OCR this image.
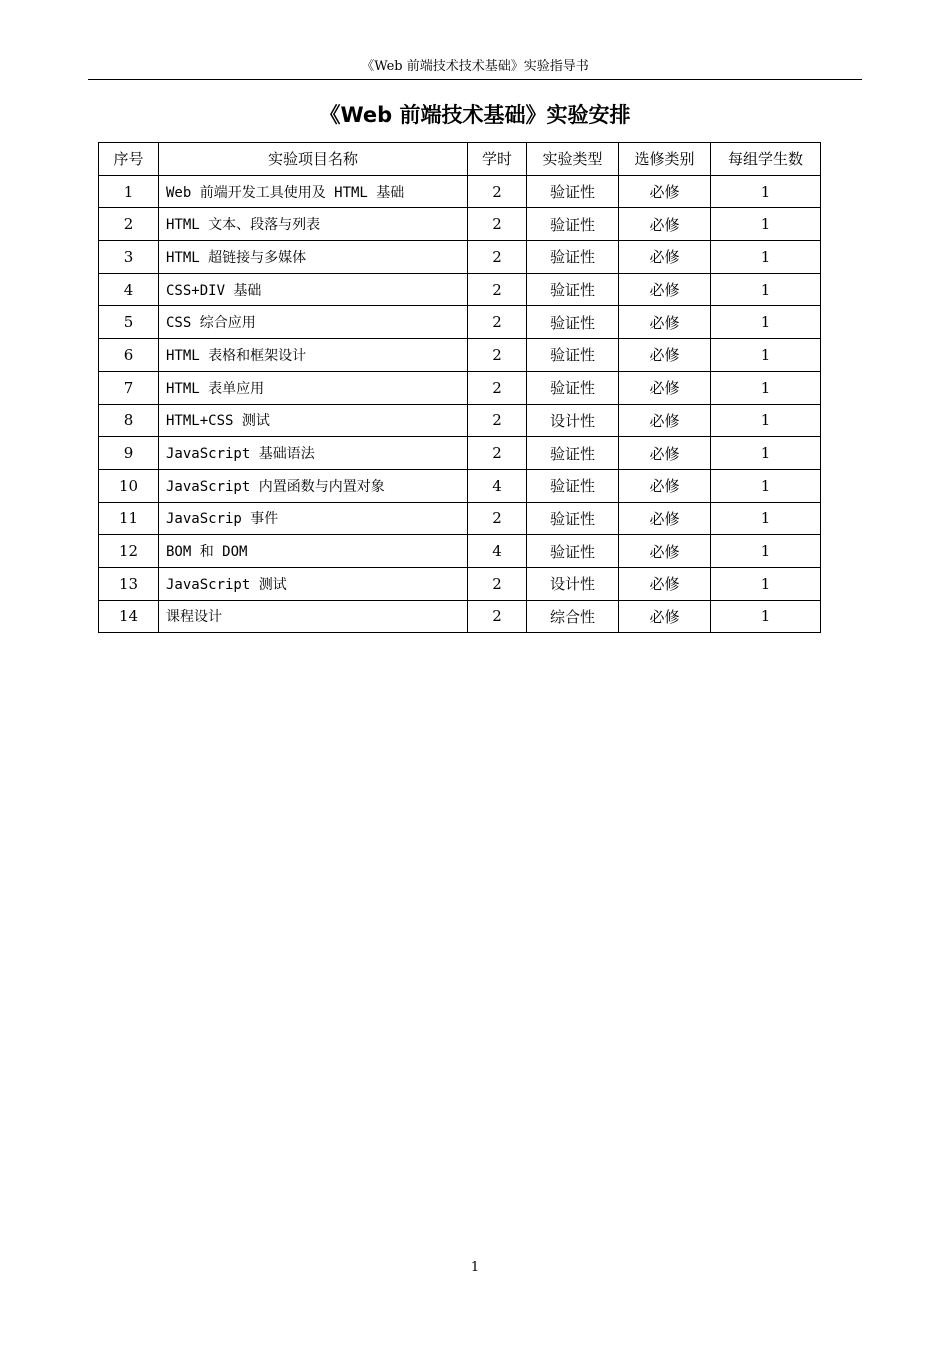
《Web 前端技术技术基础》实验指导书
《Web 前端技术基础》实验安排
序号	实验项目名称	学时	实验类型	选修类别	每组学生数
1	Web 前端开发工具使用及 HTML 基础	2	验证性	必修	1
2	HTML 文本、段落与列表	2	验证性	必修	1
3	HTML 超链接与多媒体	2	验证性	必修	1
4	CSS+DIV 基础	2	验证性	必修	1
5	CSS 综合应用	2	验证性	必修	1
6	HTML 表格和框架设计	2	验证性	必修	1
7	HTML 表单应用	2	验证性	必修	1
8	HTML+CSS 测试	2	设计性	必修	1
9	JavaScript 基础语法	2	验证性	必修	1
10	JavaScript 内置函数与内置对象	4	验证性	必修	1
11	JavaScrip 事件	2	验证性	必修	1
12	BOM 和 DOM	4	验证性	必修	1
13	JavaScript 测试	2	设计性	必修	1
14	课程设计	2	综合性	必修	1
1
